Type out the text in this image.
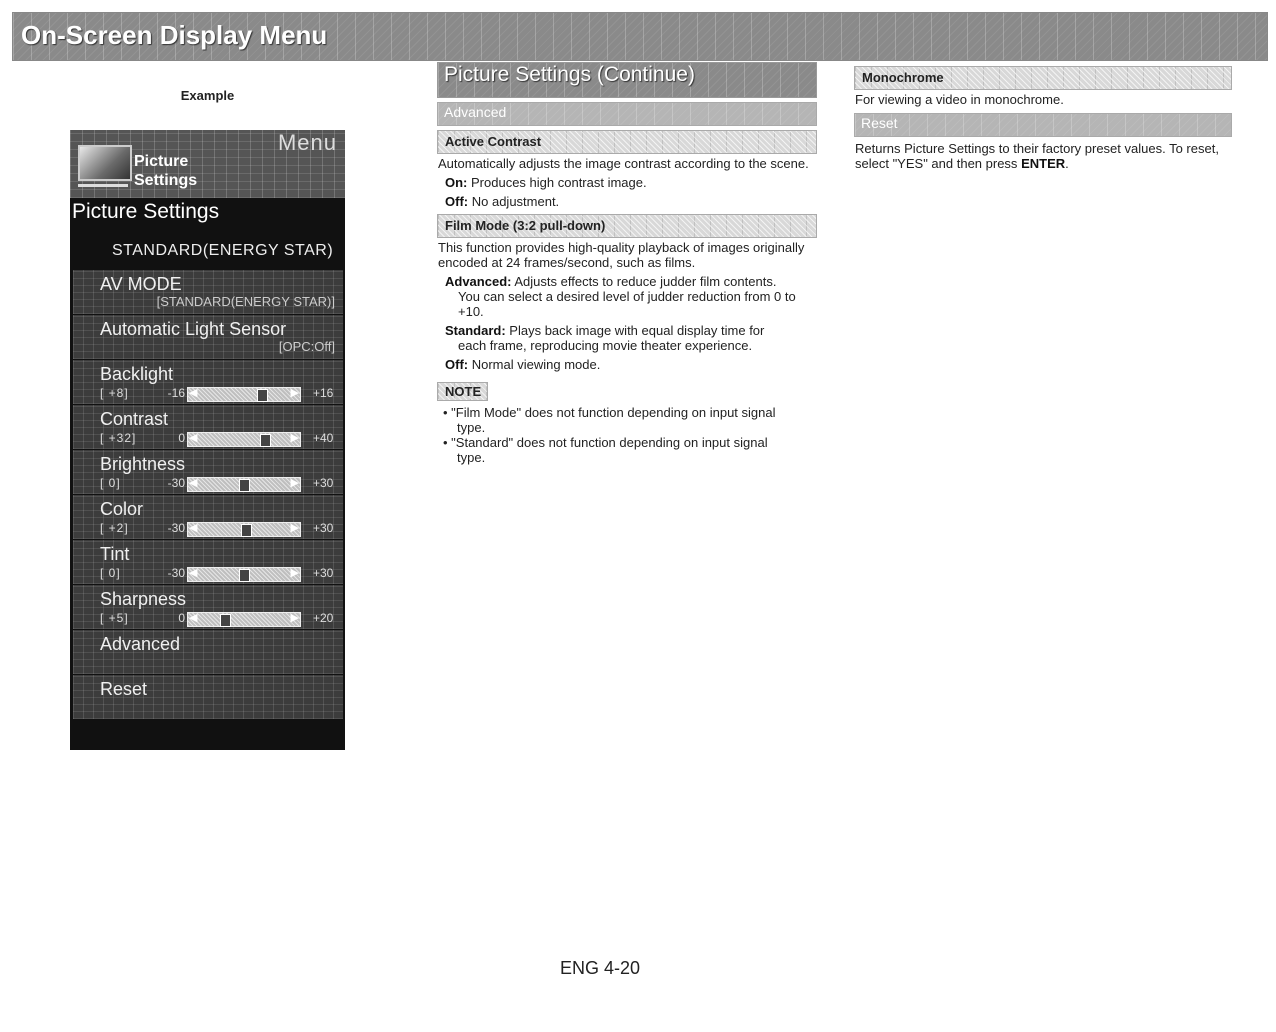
On-Screen Display Menu
Example
Menu
Picture
Settings
Picture Settings
STANDARD(ENERGY STAR)
AV MODE
[STANDARD(ENERGY STAR)]
Automatic Light Sensor
[OPC:Off]
Backlight
[ +8]	-16 ◀	▶ +16
Contrast
[ +32]	0 ◀	▶ +40
Brightness
[ 0]	-30 ◀	▶ +30
Color
[ +2]	-30 ◀	▶ +30
Tint
[ 0]	-30 ◀	▶ +30
Sharpness
[ +5]	0 ◀	▶ +20
Advanced
Reset
Picture Settings (Continue)
Advanced
Active Contrast
Automatically adjusts the image contrast according to the scene.
On: Produces high contrast image.
Off: No adjustment.
Film Mode (3:2 pull-down)
This function provides high-quality playback of images originally encoded at 24 frames/second, such as films.
Advanced: Adjusts effects to reduce judder film contents.
You can select a desired level of judder reduction from 0 to +10.
Standard: Plays back image with equal display time for
each frame, reproducing movie theater experience.
Off: Normal viewing mode.
NOTE
• "Film Mode" does not function depending on input signal
type.
• "Standard" does not function depending on input signal
type.
Monochrome
For viewing a video in monochrome.
Reset
Returns Picture Settings to their factory preset values. To reset, select "YES" and then press ENTER.
ENG 4-20
